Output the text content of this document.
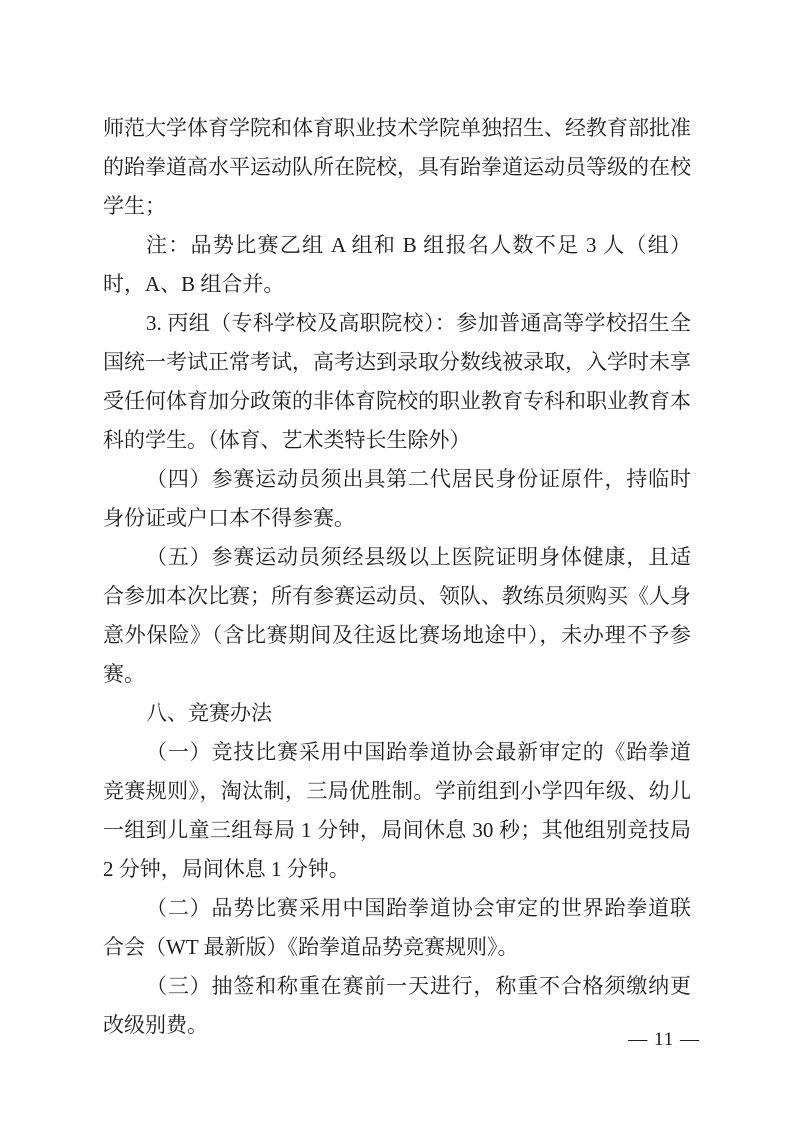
师范大学体育学院和体育职业技术学院单独招生、经教育部批准的跆拳道高水平运动队所在院校，具有跆拳道运动员等级的在校学生；

注：品势比赛乙组 A 组和 B 组报名人数不足 3 人（组）时，A、B 组合并。

3. 丙组（专科学校及高职院校）：参加普通高等学校招生全国统一考试正常考试，高考达到录取分数线被录取，入学时未享受任何体育加分政策的非体育院校的职业教育专科和职业教育本科的学生。（体育、艺术类特长生除外）

（四）参赛运动员须出具第二代居民身份证原件，持临时身份证或户口本不得参赛。

（五）参赛运动员须经县级以上医院证明身体健康，且适合参加本次比赛；所有参赛运动员、领队、教练员须购买《人身意外保险》（含比赛期间及往返比赛场地途中），未办理不予参赛。

八、竞赛办法

（一）竞技比赛采用中国跆拳道协会最新审定的《跆拳道竞赛规则》，淘汰制，三局优胜制。学前组到小学四年级、幼儿一组到儿童三组每局 1 分钟，局间休息 30 秒；其他组别竞技局 2 分钟，局间休息 1 分钟。

（二）品势比赛采用中国跆拳道协会审定的世界跆拳道联合会（WT 最新版）《跆拳道品势竞赛规则》。

（三）抽签和称重在赛前一天进行，称重不合格须缴纳更改级别费。

— 11 —
